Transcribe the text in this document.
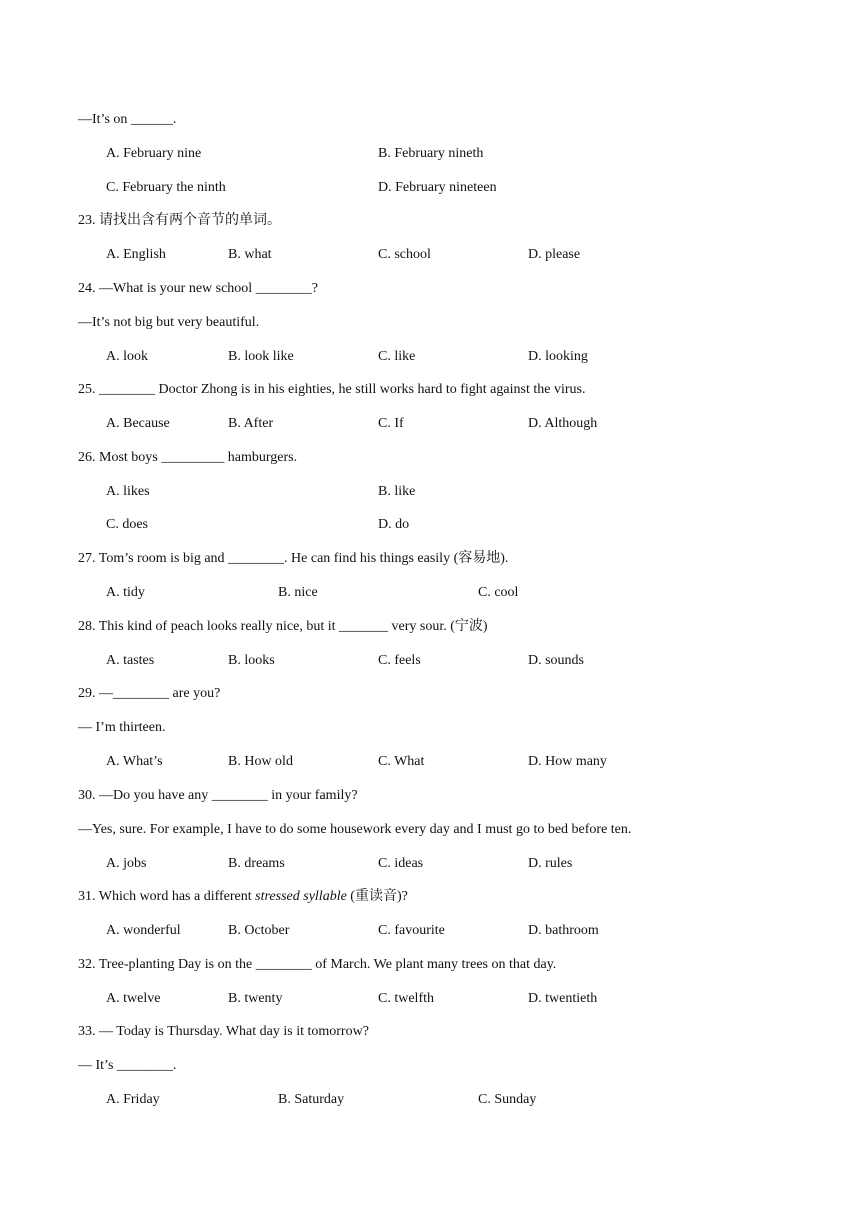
—It’s on ______.
A. February nine	B. February nineth
C. February the ninth	D. February nineteen
23. 请找出含有两个音节的单词。
A. English	B. what	C. school	D. please
24. —What is your new school ________?
—It’s not big but very beautiful.
A. look	B. look like	C. like	D. looking
25. ________ Doctor Zhong is in his eighties, he still works hard to fight against the virus.
A. Because	B. After	C. If	D. Although
26. Most boys _________ hamburgers.
A. likes	B. like
C. does	D. do
27. Tom’s room is big and ________. He can find his things easily (容易地).
A. tidy	B. nice	C. cool
28. This kind of peach looks really nice, but it _______ very sour. (宁波)
A. tastes	B. looks	C. feels	D. sounds
29. —________ are you?
— I’m thirteen.
A. What’s	B. How old	C. What	D. How many
30. —Do you have any ________ in your family?
—Yes, sure. For example, I have to do some housework every day and I must go to bed before ten.
A. jobs	B. dreams	C. ideas	D. rules
31. Which word has a different stressed syllable (重读音)?
A. wonderful	B. October	C. favourite	D. bathroom
32. Tree-planting Day is on the ________ of March. We plant many trees on that day.
A. twelve	B. twenty	C. twelfth	D. twentieth
33. — Today is Thursday. What day is it tomorrow?
— It’s ________.
A. Friday	B. Saturday	C. Sunday
